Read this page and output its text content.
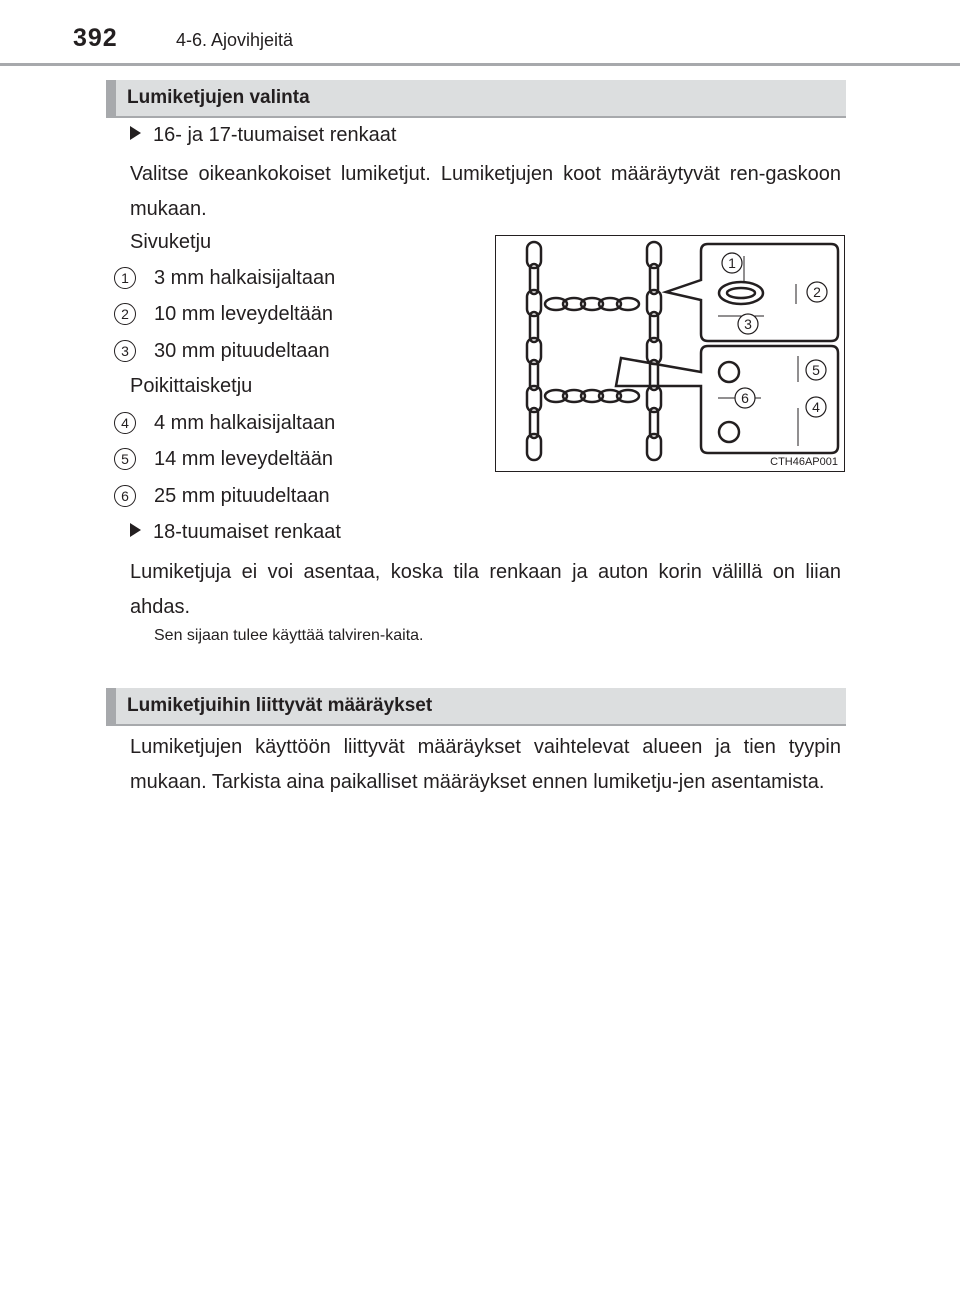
392	4-6. Ajovihjeitä
Lumiketjujen valinta
16- ja 17-tuumaiset renkaat
Valitse oikeankokoiset lumiketjut. Lumiketjujen koot määräytyvät ren-gaskoon mukaan.
Sivuketju
1	3 mm halkaisijaltaan
2	10 mm leveydeltään
3	30 mm pituudeltaan
Poikittaisketju
4	4 mm halkaisijaltaan
5	14 mm leveydeltään
6	25 mm pituudeltaan
18-tuumaiset renkaat
Lumiketjuja ei voi asentaa, koska tila renkaan ja auton korin välillä on liian ahdas.
Sen sijaan tulee käyttää talviren-kaita.
1
2
3
4
5
6
CTH46AP001
Lumiketjuihin liittyvät määräykset
Lumiketjujen käyttöön liittyvät määräykset vaihtelevat alueen ja tien tyypin mukaan. Tarkista aina paikalliset määräykset ennen lumiketju-jen asentamista.
